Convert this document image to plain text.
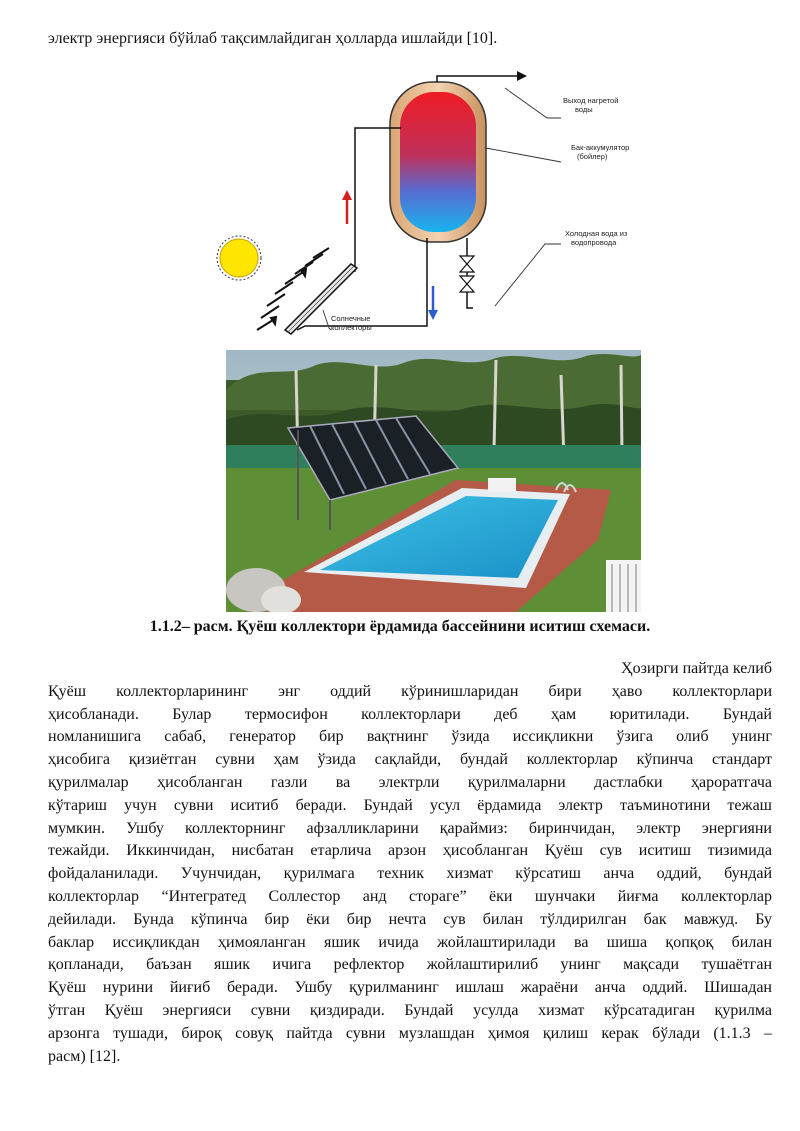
электр энергияси бўйлаб тақсимлайдиган ҳолларда ишлайди [10].
Выход нагретой
воды
Бак-аккумулятор
(бойлер)
Холодная вода из
водопровода
Солнечные
коллекторы
1.1.2– расм. Қуёш коллектори ёрдамида бассейнини иситиш схемаси.
Ҳозирги пайтда келиб
Қуёш коллекторларининг энг оддий кўринишларидан бири ҳаво коллекторлари
ҳисобланади. Булар термосифон коллекторлари деб ҳам юритилади. Бундай
номланишига сабаб, генератор бир вақтнинг ўзида иссиқликни ўзига олиб унинг
ҳисобига қизиётган сувни ҳам ўзида сақлайди, бундай коллекторлар кўпинча стандарт
қурилмалар ҳисобланган газли ва электрли қурилмаларни дастлабки ҳароратгача
кўтариш учун сувни иситиб беради. Бундай усул ёрдамида электр таъминотини тежаш
мумкин. Ушбу коллекторнинг афзалликларини қараймиз: биринчидан, электр энергияни
тежайди. Иккинчидан, нисбатан етарлича арзон ҳисобланган Қуёш сув иситиш тизимида
фойдаланилади. Учунчидан, қурилмага техник хизмат кўрсатиш анча оддий, бундай
коллекторлар “Интегратед Соллестор анд стораге” ёки шунчаки йиғма коллекторлар
дейилади. Бунда кўпинча бир ёки бир нечта сув билан тўлдирилган бак мавжуд. Бу
баклар иссиқликдан ҳимояланган яшик ичида жойлаштирилади ва шиша қопқоқ билан
қопланади, баъзан яшик ичига рефлектор жойлаштирилиб унинг мақсади тушаётган
Қуёш нурини йиғиб беради. Ушбу қурилманинг ишлаш жараёни анча оддий. Шишадан
ўтган Қуёш энергияси сувни қиздиради. Бундай усулда хизмат кўрсатадиган қурилма
арзонга тушади, бироқ совуқ пайтда сувни музлашдан ҳимоя қилиш керак бўлади (1.1.3 –
расм) [12].
